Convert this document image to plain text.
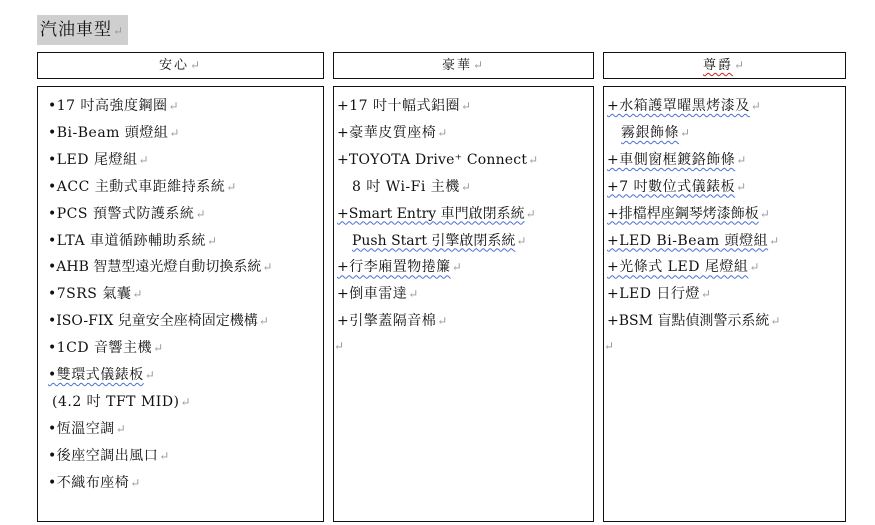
汽油車型↵
安心↵	豪華↵	尊爵↵
•17 吋高強度鋼圈↵
•Bi-Beam 頭燈組↵
•LED 尾燈組↵
•ACC 主動式車距維持系統↵
•PCS 預警式防護系統↵
•LTA 車道循跡輔助系統↵
•AHB 智慧型遠光燈自動切換系統↵
•7SRS 氣囊↵
•ISO-FIX 兒童安全座椅固定機構↵
•1CD 音響主機↵
•雙環式儀錶板↵
(4.2 吋 TFT MID)↵
•恆溫空調↵
•後座空調出風口↵
•不織布座椅↵
+17 吋十幅式鋁圈↵
+豪華皮質座椅↵
+TOYOTA Drive⁺ Connect↵
8 吋 Wi-Fi 主機↵
+Smart Entry 車門啟閉系統↵
Push Start 引擎啟閉系統↵
+行李廂置物捲簾↵
+倒車雷達↵
+引擎蓋隔音棉↵
↵
+水箱護罩曜黑烤漆及↵
霧銀飾條↵
+車側窗框鍍鉻飾條↵
+7 吋數位式儀錶板↵
+排檔桿座鋼琴烤漆飾板↵
+LED Bi-Beam 頭燈組↵
+光條式 LED 尾燈組↵
+LED 日行燈↵
+BSM 盲點偵測警示系統↵
↵
